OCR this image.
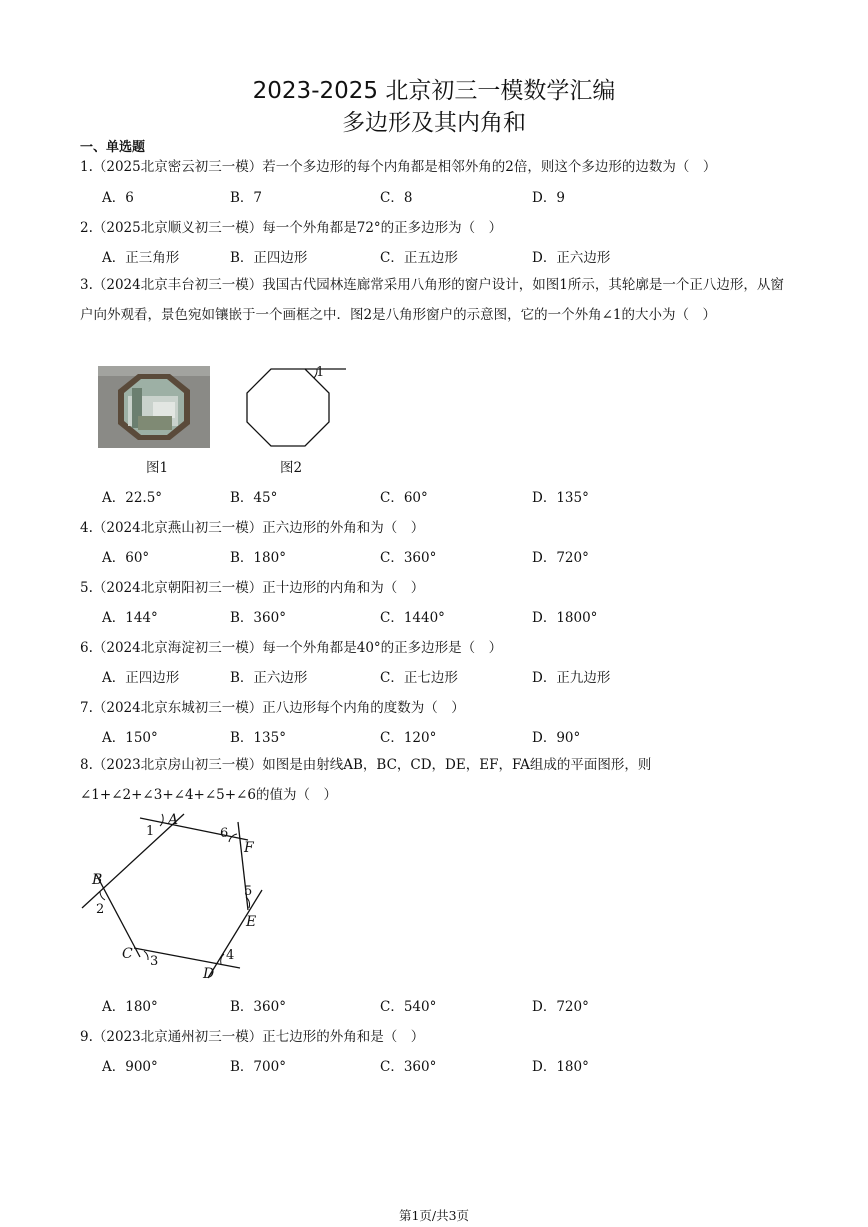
2023-2025 北京初三一模数学汇编
多边形及其内角和
一、单选题
1.（2025北京密云初三一模）若一个多边形的每个内角都是相邻外角的2倍，则这个多边形的边数为（　）
A．6	B．7	C．8	D．9
2.（2025北京顺义初三一模）每一个外角都是72°的正多边形为（　）
A．正三角形	B．正四边形	C．正五边形	D．正六边形
3.（2024北京丰台初三一模）我国古代园林连廊常采用八角形的窗户设计，如图1所示，其轮廓是一个正八边形，从窗户向外观看，景色宛如镶嵌于一个画框之中．图2是八角形窗户的示意图，它的一个外角∠1的大小为（　）
图1
1
图2
A．22.5°	B．45°	C．60°	D．135°
4.（2024北京燕山初三一模）正六边形的外角和为（　）
A．60°	B．180°	C．360°	D．720°
5.（2024北京朝阳初三一模）正十边形的内角和为（　）
A．144°	B．360°	C．1440°	D．1800°
6.（2024北京海淀初三一模）每一个外角都是40°的正多边形是（　）
A．正四边形	B．正六边形	C．正七边形	D．正九边形
7.（2024北京东城初三一模）正八边形每个内角的度数为（　）
A．150°	B．135°	C．120°	D．90°
8.（2023北京房山初三一模）如图是由射线AB，BC，CD，DE，EF，FA组成的平面图形，则∠1+∠2+∠3+∠4+∠5+∠6的值为（　）
A
B
C
D
E
F
1
2
3	4
5
6
A．180°	B．360°	C．540°	D．720°
9.（2023北京通州初三一模）正七边形的外角和是（　）
A．900°	B．700°	C．360°	D．180°
第1页/共3页
